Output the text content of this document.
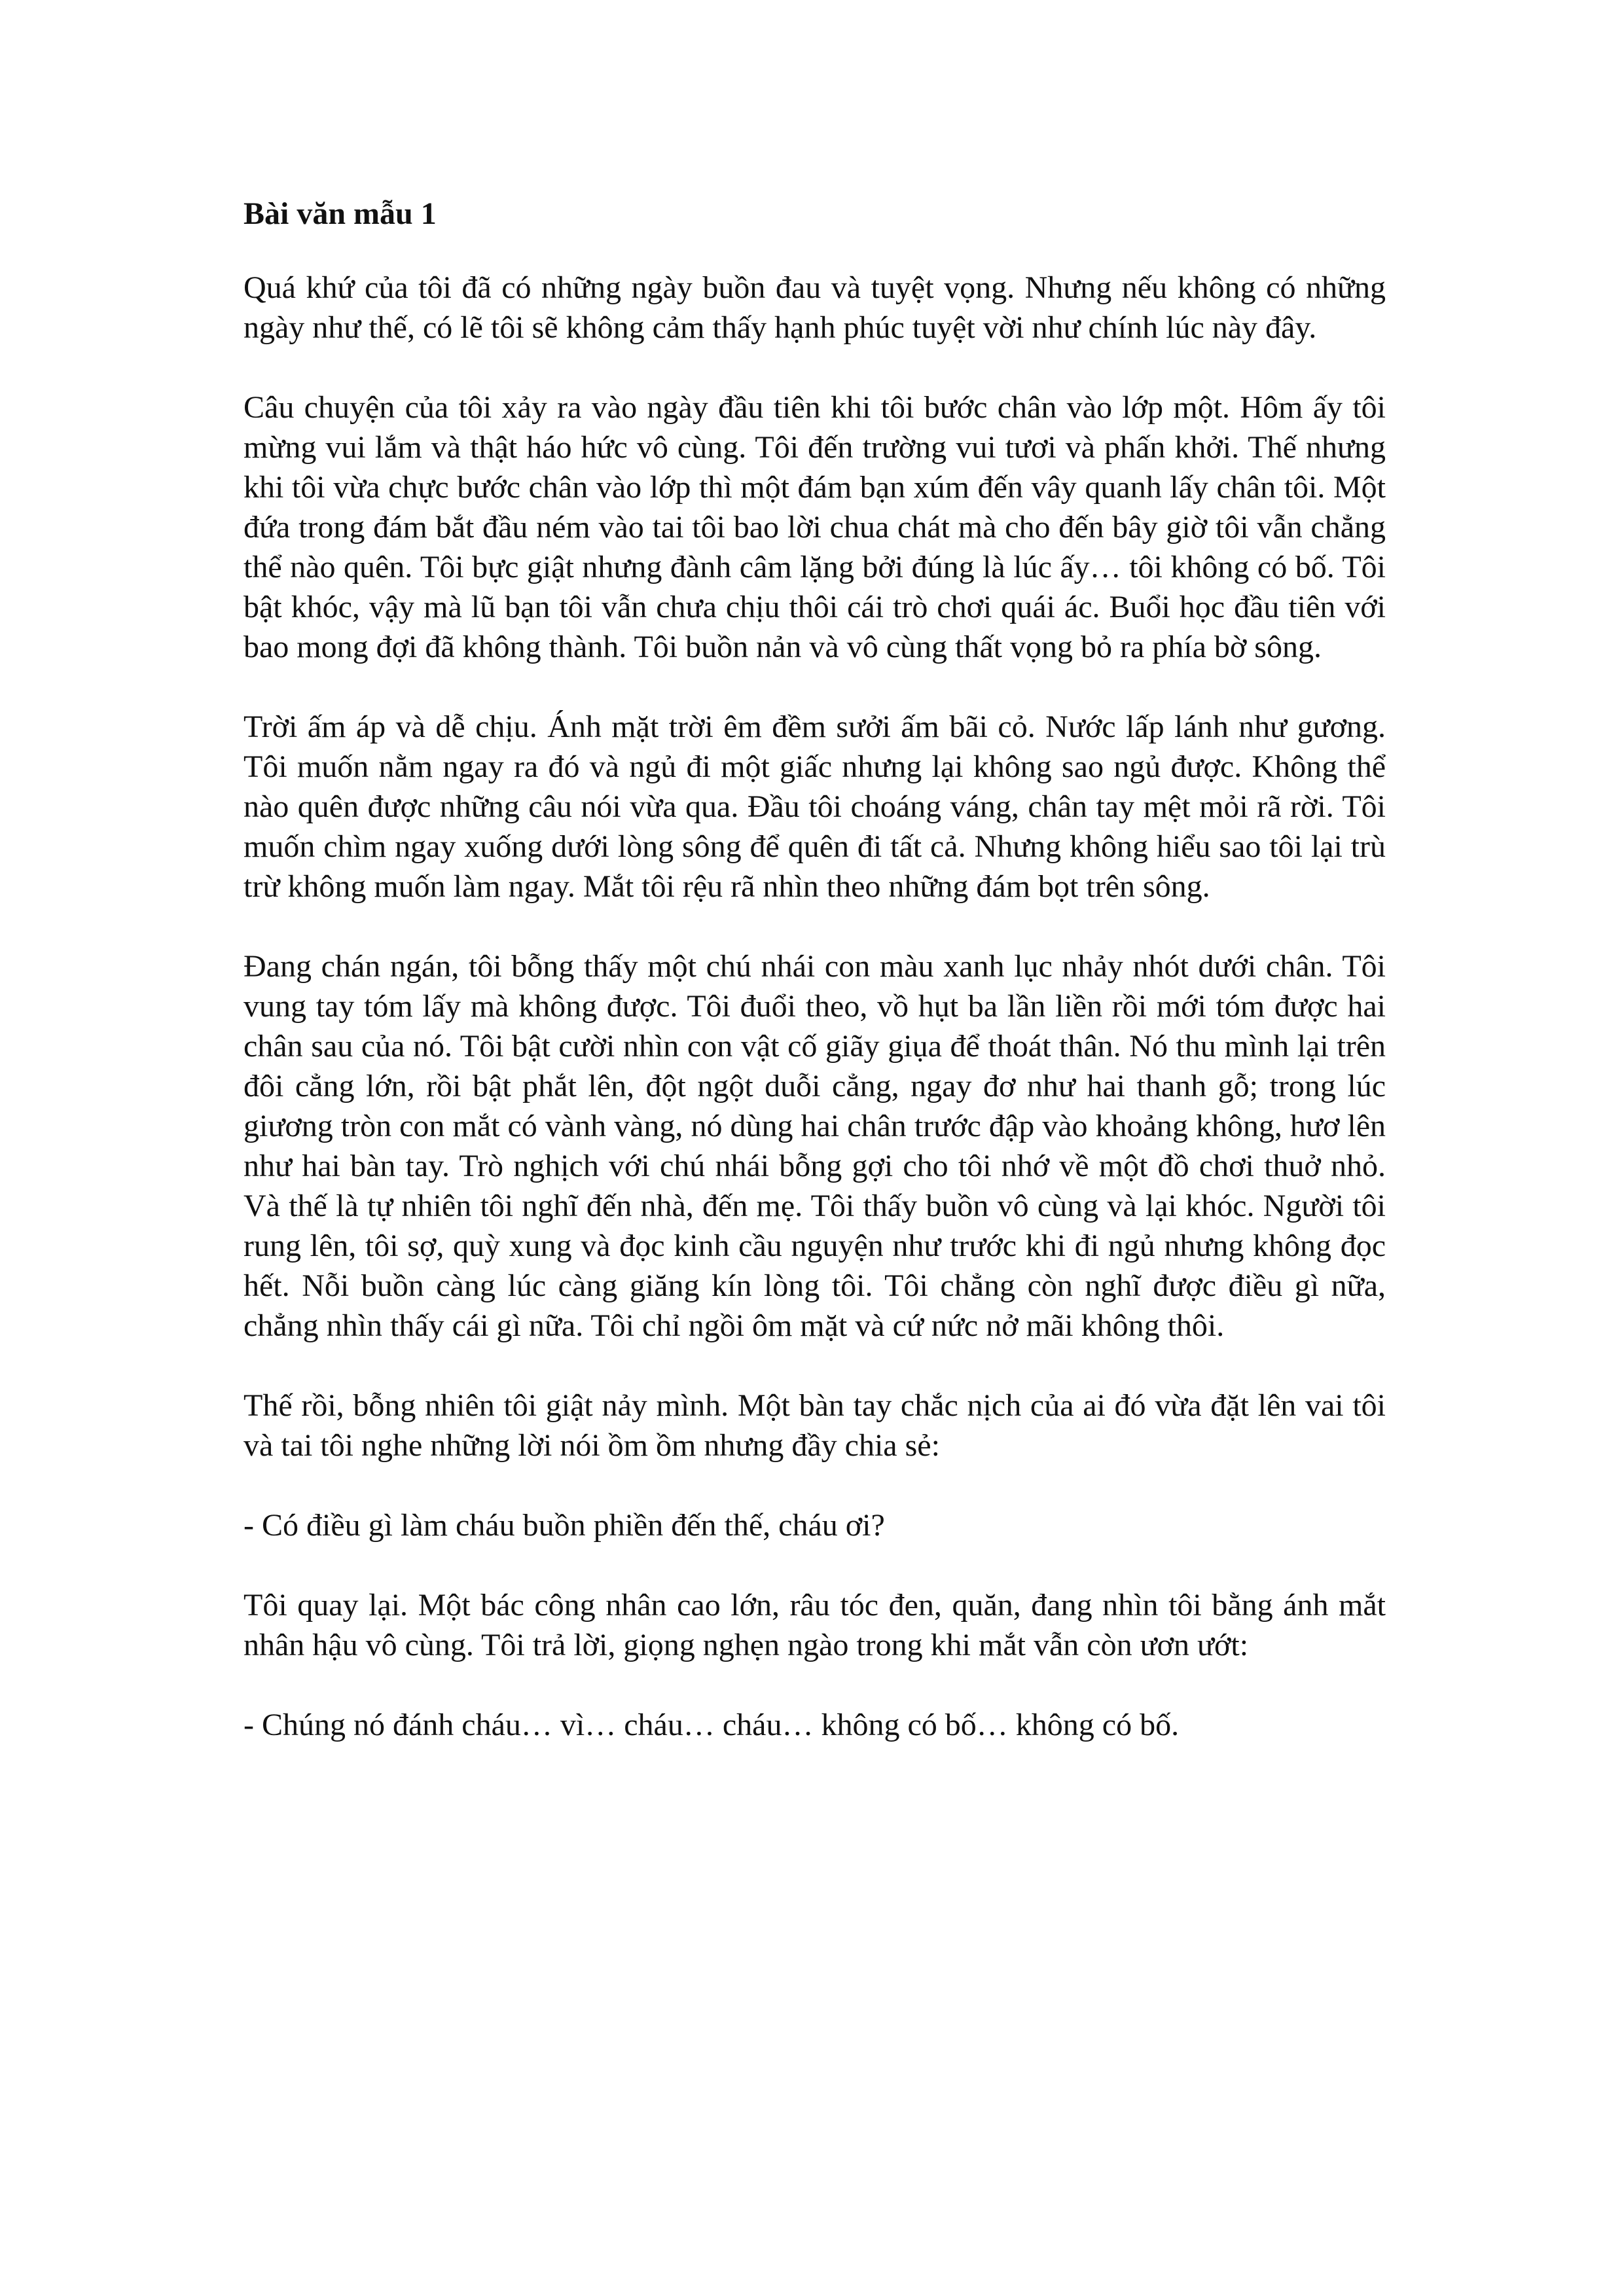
Bài văn mẫu 1

Quá khứ của tôi đã có những ngày buồn đau và tuyệt vọng. Nhưng nếu không có những ngày như thế, có lẽ tôi sẽ không cảm thấy hạnh phúc tuyệt vời như chính lúc này đây.

Câu chuyện của tôi xảy ra vào ngày đầu tiên khi tôi bước chân vào lớp một. Hôm ấy tôi mừng vui lắm và thật háo hức vô cùng. Tôi đến trường vui tươi và phấn khởi. Thế nhưng khi tôi vừa chực bước chân vào lớp thì một đám bạn xúm đến vây quanh lấy chân tôi. Một đứa trong đám bắt đầu ném vào tai tôi bao lời chua chát mà cho đến bây giờ tôi vẫn chẳng thể nào quên. Tôi bực giật nhưng đành câm lặng bởi đúng là lúc ấy… tôi không có bố. Tôi bật khóc, vậy mà lũ bạn tôi vẫn chưa chịu thôi cái trò chơi quái ác. Buổi học đầu tiên với bao mong đợi đã không thành. Tôi buồn nản và vô cùng thất vọng bỏ ra phía bờ sông.

Trời ấm áp và dễ chịu. Ánh mặt trời êm đềm sưởi ấm bãi cỏ. Nước lấp lánh như gương. Tôi muốn nằm ngay ra đó và ngủ đi một giấc nhưng lại không sao ngủ được. Không thể nào quên được những câu nói vừa qua. Đầu tôi choáng váng, chân tay mệt mỏi rã rời. Tôi muốn chìm ngay xuống dưới lòng sông để quên đi tất cả. Nhưng không hiểu sao tôi lại trù trừ không muốn làm ngay. Mắt tôi rệu rã nhìn theo những đám bọt trên sông.

Đang chán ngán, tôi bỗng thấy một chú nhái con màu xanh lục nhảy nhót dưới chân. Tôi vung tay tóm lấy mà không được. Tôi đuổi theo, vồ hụt ba lần liền rồi mới tóm được hai chân sau của nó. Tôi bật cười nhìn con vật cố giãy giụa để thoát thân. Nó thu mình lại trên đôi cẳng lớn, rồi bật phắt lên, đột ngột duỗi cẳng, ngay đơ như hai thanh gỗ; trong lúc giương tròn con mắt có vành vàng, nó dùng hai chân trước đập vào khoảng không, hươ lên như hai bàn tay. Trò nghịch với chú nhái bỗng gợi cho tôi nhớ về một đồ chơi thuở nhỏ. Và thế là tự nhiên tôi nghĩ đến nhà, đến mẹ. Tôi thấy buồn vô cùng và lại khóc. Người tôi rung lên, tôi sợ, quỳ xung và đọc kinh cầu nguyện như trước khi đi ngủ nhưng không đọc hết. Nỗi buồn càng lúc càng giăng kín lòng tôi. Tôi chẳng còn nghĩ được điều gì nữa, chẳng nhìn thấy cái gì nữa. Tôi chỉ ngồi ôm mặt và cứ nức nở mãi không thôi.

Thế rồi, bỗng nhiên tôi giật nảy mình. Một bàn tay chắc nịch của ai đó vừa đặt lên vai tôi và tai tôi nghe những lời nói ồm ồm nhưng đầy chia sẻ:

- Có điều gì làm cháu buồn phiền đến thế, cháu ơi?

Tôi quay lại. Một bác công nhân cao lớn, râu tóc đen, quăn, đang nhìn tôi bằng ánh mắt nhân hậu vô cùng. Tôi trả lời, giọng nghẹn ngào trong khi mắt vẫn còn ươn ướt:

- Chúng nó đánh cháu… vì… cháu… cháu… không có bố… không có bố.
